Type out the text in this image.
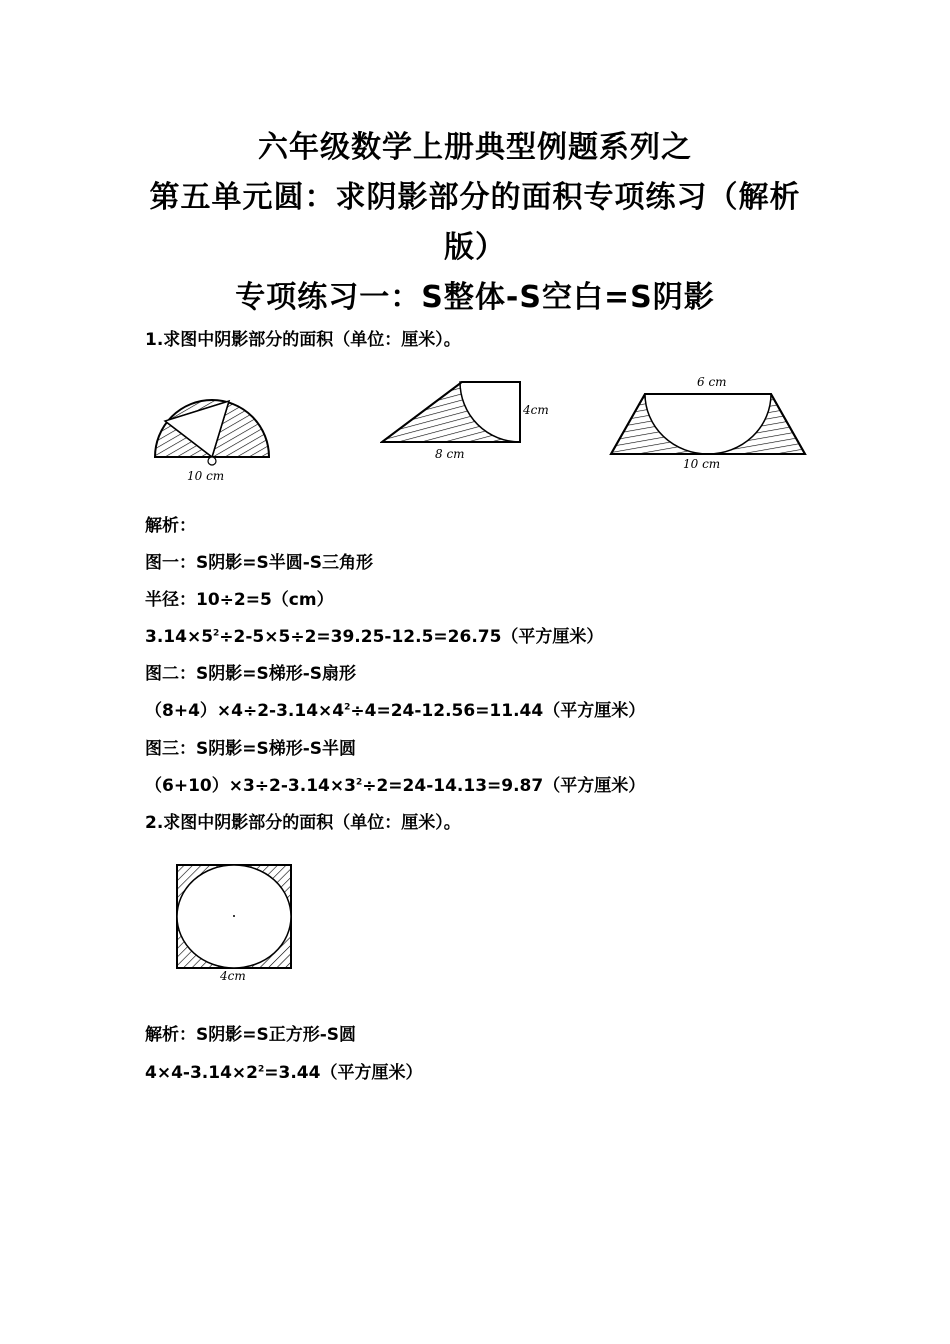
六年级数学上册典型例题系列之
第五单元圆：求阴影部分的面积专项练习（解析
版）
专项练习一：S整体-S空白=S阴影
1.求图中阴影部分的面积（单位：厘米）。
10 cm
8 cm
4cm
6 cm
10 cm
解析：
图一：S阴影=S半圆-S三角形
半径：10÷2=5（cm）
$3.14\times 5^2\div 2-5\times 5\div 2=39.25-12.5=26.75$（平方厘米）
图二：S阴影=S梯形-S扇形
$(8+4)\times 4\div 2-3.14\times 4^2\div 4=24-12.56=11.44$（平方厘米）
图三：S阴影=S梯形-S半圆
$(6+10)\times 3\div 2-3.14\times 3^2\div 2=24-14.13=9.87$（平方厘米）
2.求图中阴影部分的面积（单位：厘米）。
4cm
解析：S阴影=S正方形-S圆
$4\times 4-3.14\times 2^2=3.44$（平方厘米）
